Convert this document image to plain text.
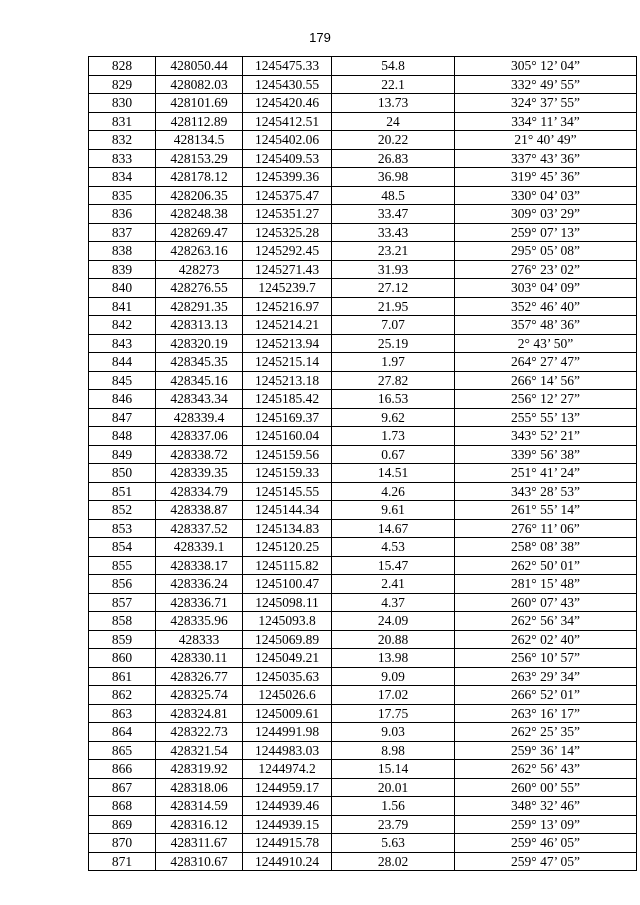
179
828	428050.44	1245475.33	54.8	305° 12’ 04”
829	428082.03	1245430.55	22.1	332° 49’ 55”
830	428101.69	1245420.46	13.73	324° 37’ 55”
831	428112.89	1245412.51	24	334° 11’ 34”
832	428134.5	1245402.06	20.22	21° 40’ 49”
833	428153.29	1245409.53	26.83	337° 43’ 36”
834	428178.12	1245399.36	36.98	319° 45’ 36”
835	428206.35	1245375.47	48.5	330° 04’ 03”
836	428248.38	1245351.27	33.47	309° 03’ 29”
837	428269.47	1245325.28	33.43	259° 07’ 13”
838	428263.16	1245292.45	23.21	295° 05’ 08”
839	428273	1245271.43	31.93	276° 23’ 02”
840	428276.55	1245239.7	27.12	303° 04’ 09”
841	428291.35	1245216.97	21.95	352° 46’ 40”
842	428313.13	1245214.21	7.07	357° 48’ 36”
843	428320.19	1245213.94	25.19	2° 43’ 50”
844	428345.35	1245215.14	1.97	264° 27’ 47”
845	428345.16	1245213.18	27.82	266° 14’ 56”
846	428343.34	1245185.42	16.53	256° 12’ 27”
847	428339.4	1245169.37	9.62	255° 55’ 13”
848	428337.06	1245160.04	1.73	343° 52’ 21”
849	428338.72	1245159.56	0.67	339° 56’ 38”
850	428339.35	1245159.33	14.51	251° 41’ 24”
851	428334.79	1245145.55	4.26	343° 28’ 53”
852	428338.87	1245144.34	9.61	261° 55’ 14”
853	428337.52	1245134.83	14.67	276° 11’ 06”
854	428339.1	1245120.25	4.53	258° 08’ 38”
855	428338.17	1245115.82	15.47	262° 50’ 01”
856	428336.24	1245100.47	2.41	281° 15’ 48”
857	428336.71	1245098.11	4.37	260° 07’ 43”
858	428335.96	1245093.8	24.09	262° 56’ 34”
859	428333	1245069.89	20.88	262° 02’ 40”
860	428330.11	1245049.21	13.98	256° 10’ 57”
861	428326.77	1245035.63	9.09	263° 29’ 34”
862	428325.74	1245026.6	17.02	266° 52’ 01”
863	428324.81	1245009.61	17.75	263° 16’ 17”
864	428322.73	1244991.98	9.03	262° 25’ 35”
865	428321.54	1244983.03	8.98	259° 36’ 14”
866	428319.92	1244974.2	15.14	262° 56’ 43”
867	428318.06	1244959.17	20.01	260° 00’ 55”
868	428314.59	1244939.46	1.56	348° 32’ 46”
869	428316.12	1244939.15	23.79	259° 13’ 09”
870	428311.67	1244915.78	5.63	259° 46’ 05”
871	428310.67	1244910.24	28.02	259° 47’ 05”
